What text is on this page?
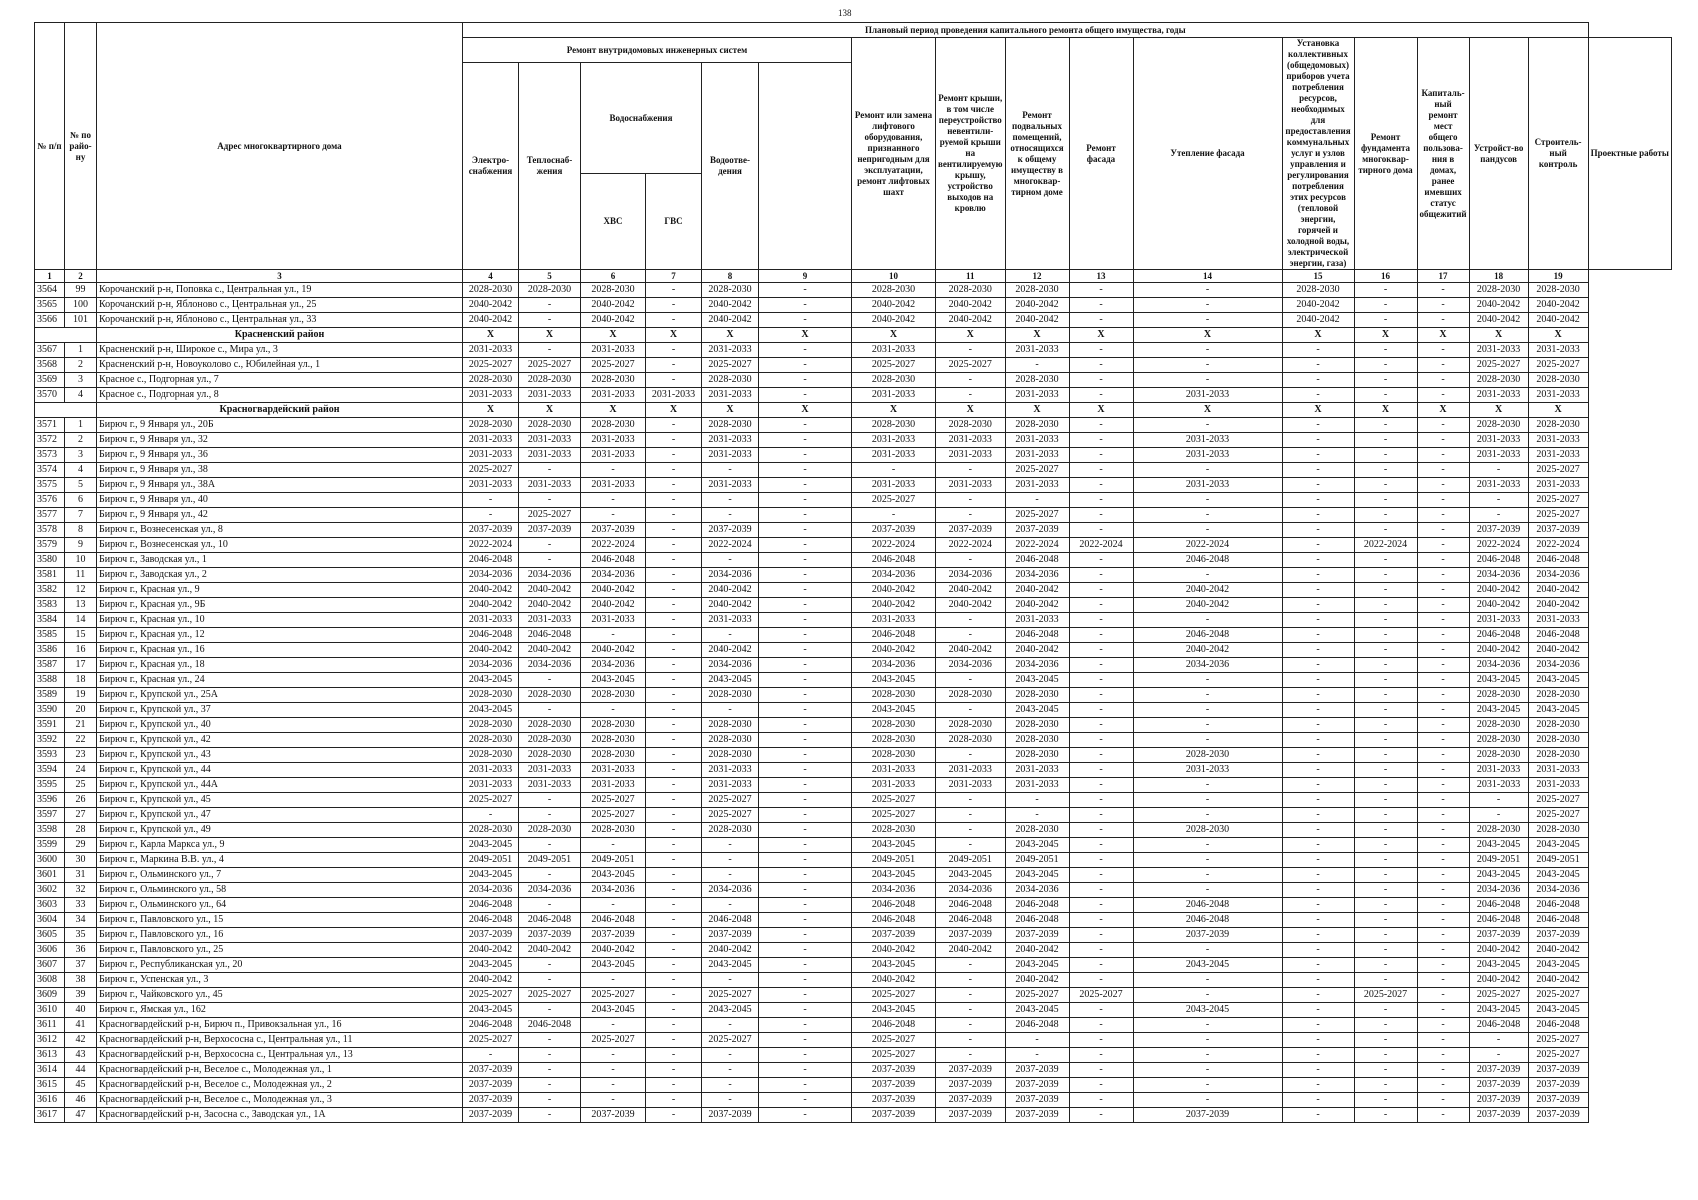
138
№ п/п	№ по райо-ну	Адрес многоквартирного дома	Плановый период проведения капитального ремонта общего имущества, годы																
			Ремонт внутридомовых инженерных систем						Ремонт или замена лифтового оборудования, признанного непригодным для эксплуатации, ремонт лифтовых шахт	Ремонт крыши, в том числе переустройство невентили-руемой крыши на вентилируемую крышу, устройство выходов на кровлю	Ремонт подвальных помещений, относящихся к общему имуществу в многоквар-тирном доме	Ремонт фасада	Утепление фасада	Установка коллективных (общедомовых) приборов учета потребления ресурсов, необходимых для предоставления коммунальных услуг и узлов управления и регулирования потребления этих ресурсов (тепловой энергии, горячей и холодной воды, электрической энергии, газа)	Ремонт фундамента многоквар-тирного дома	Капиталь-ный ремонт мест общего пользова-ния в домах, ранее имевших статус общежитий	Устройст-во пандусов	Строитель-ный контроль	Проектные работы
			Электро-снабжения	Теплоснаб-жения	Водоснабжения		Водоотве-дения												
					ХВС	ГВС													
1	2	3	4	5	6	7	8	9	10	11	12	13	14	15	16	17	18	19	
3564	99	Корочанский р-н, Поповка с., Центральная ул., 19	2028-2030	2028-2030	2028-2030	-	2028-2030	-	2028-2030	2028-2030	2028-2030	-	-	2028-2030	-	-	2028-2030	2028-2030	
3565	100	Корочанский р-н, Яблоново с., Центральная ул., 25	2040-2042	-	2040-2042	-	2040-2042	-	2040-2042	2040-2042	2040-2042	-	-	2040-2042	-	-	2040-2042	2040-2042	
3566	101	Корочанский р-н, Яблоново с., Центральная ул., 33	2040-2042	-	2040-2042	-	2040-2042	-	2040-2042	2040-2042	2040-2042	-	-	2040-2042	-	-	2040-2042	2040-2042	
		Красненский район	X	X	X	X	X	X	X	X	X	X	X	X	X	X	X	X	
3567	1	Красненский р-н, Широкое с., Мира ул., 3	2031-2033	-	2031-2033	-	2031-2033	-	2031-2033	-	2031-2033	-	-	-	-	-	2031-2033	2031-2033	
3568	2	Красненский р-н, Новоуколово с., Юбилейная ул., 1	2025-2027	2025-2027	2025-2027	-	2025-2027	-	2025-2027	2025-2027	-	-	-	-	-	-	2025-2027	2025-2027	
3569	3	Красное с., Подгорная ул., 7	2028-2030	2028-2030	2028-2030	-	2028-2030	-	2028-2030	-	2028-2030	-	-	-	-	-	2028-2030	2028-2030	
3570	4	Красное с., Подгорная ул., 8	2031-2033	2031-2033	2031-2033	2031-2033	2031-2033	-	2031-2033	-	2031-2033	-	2031-2033	-	-	-	2031-2033	2031-2033	
		Красногвардейский район	X	X	X	X	X	X	X	X	X	X	X	X	X	X	X	X	
3571	1	Бирюч г., 9 Января ул., 20Б	2028-2030	2028-2030	2028-2030	-	2028-2030	-	2028-2030	2028-2030	2028-2030	-	-	-	-	-	2028-2030	2028-2030	
3572	2	Бирюч г., 9 Января ул., 32	2031-2033	2031-2033	2031-2033	-	2031-2033	-	2031-2033	2031-2033	2031-2033	-	2031-2033	-	-	-	2031-2033	2031-2033	
3573	3	Бирюч г., 9 Января ул., 36	2031-2033	2031-2033	2031-2033	-	2031-2033	-	2031-2033	2031-2033	2031-2033	-	2031-2033	-	-	-	2031-2033	2031-2033	
3574	4	Бирюч г., 9 Января ул., 38	2025-2027	-	-	-	-	-	-	-	2025-2027	-	-	-	-	-	-	2025-2027	
3575	5	Бирюч г., 9 Января ул., 38А	2031-2033	2031-2033	2031-2033	-	2031-2033	-	2031-2033	2031-2033	2031-2033	-	2031-2033	-	-	-	2031-2033	2031-2033	
3576	6	Бирюч г., 9 Января ул., 40	-	-	-	-	-	-	2025-2027	-	-	-	-	-	-	-	-	2025-2027	
3577	7	Бирюч г., 9 Января ул., 42	-	2025-2027	-	-	-	-	-	-	2025-2027	-	-	-	-	-	-	2025-2027	
3578	8	Бирюч г., Вознесенская ул., 8	2037-2039	2037-2039	2037-2039	-	2037-2039	-	2037-2039	2037-2039	2037-2039	-	-	-	-	-	2037-2039	2037-2039	
3579	9	Бирюч г., Вознесенская ул., 10	2022-2024	-	2022-2024	-	2022-2024	-	2022-2024	2022-2024	2022-2024	2022-2024	2022-2024	-	2022-2024	-	2022-2024	2022-2024	
3580	10	Бирюч г., Заводская ул., 1	2046-2048	-	2046-2048	-	-	-	2046-2048	-	2046-2048	-	2046-2048	-	-	-	2046-2048	2046-2048	
3581	11	Бирюч г., Заводская ул., 2	2034-2036	2034-2036	2034-2036	-	2034-2036	-	2034-2036	2034-2036	2034-2036	-	-	-	-	-	2034-2036	2034-2036	
3582	12	Бирюч г., Красная ул., 9	2040-2042	2040-2042	2040-2042	-	2040-2042	-	2040-2042	2040-2042	2040-2042	-	2040-2042	-	-	-	2040-2042	2040-2042	
3583	13	Бирюч г., Красная ул., 9Б	2040-2042	2040-2042	2040-2042	-	2040-2042	-	2040-2042	2040-2042	2040-2042	-	2040-2042	-	-	-	2040-2042	2040-2042	
3584	14	Бирюч г., Красная ул., 10	2031-2033	2031-2033	2031-2033	-	2031-2033	-	2031-2033	-	2031-2033	-	-	-	-	-	2031-2033	2031-2033	
3585	15	Бирюч г., Красная ул., 12	2046-2048	2046-2048	-	-	-	-	2046-2048	-	2046-2048	-	2046-2048	-	-	-	2046-2048	2046-2048	
3586	16	Бирюч г., Красная ул., 16	2040-2042	2040-2042	2040-2042	-	2040-2042	-	2040-2042	2040-2042	2040-2042	-	2040-2042	-	-	-	2040-2042	2040-2042	
3587	17	Бирюч г., Красная ул., 18	2034-2036	2034-2036	2034-2036	-	2034-2036	-	2034-2036	2034-2036	2034-2036	-	2034-2036	-	-	-	2034-2036	2034-2036	
3588	18	Бирюч г., Красная ул., 24	2043-2045	-	2043-2045	-	2043-2045	-	2043-2045	-	2043-2045	-	-	-	-	-	2043-2045	2043-2045	
3589	19	Бирюч г., Крупской ул., 25А	2028-2030	2028-2030	2028-2030	-	2028-2030	-	2028-2030	2028-2030	2028-2030	-	-	-	-	-	2028-2030	2028-2030	
3590	20	Бирюч г., Крупской ул., 37	2043-2045	-	-	-	-	-	2043-2045	-	2043-2045	-	-	-	-	-	2043-2045	2043-2045	
3591	21	Бирюч г., Крупской ул., 40	2028-2030	2028-2030	2028-2030	-	2028-2030	-	2028-2030	2028-2030	2028-2030	-	-	-	-	-	2028-2030	2028-2030	
3592	22	Бирюч г., Крупской ул., 42	2028-2030	2028-2030	2028-2030	-	2028-2030	-	2028-2030	2028-2030	2028-2030	-	-	-	-	-	2028-2030	2028-2030	
3593	23	Бирюч г., Крупской ул., 43	2028-2030	2028-2030	2028-2030	-	2028-2030	-	2028-2030	-	2028-2030	-	2028-2030	-	-	-	2028-2030	2028-2030	
3594	24	Бирюч г., Крупской ул., 44	2031-2033	2031-2033	2031-2033	-	2031-2033	-	2031-2033	2031-2033	2031-2033	-	2031-2033	-	-	-	2031-2033	2031-2033	
3595	25	Бирюч г., Крупской ул., 44А	2031-2033	2031-2033	2031-2033	-	2031-2033	-	2031-2033	2031-2033	2031-2033	-	-	-	-	-	2031-2033	2031-2033	
3596	26	Бирюч г., Крупской ул., 45	2025-2027	-	2025-2027	-	2025-2027	-	2025-2027	-	-	-	-	-	-	-	-	2025-2027	
3597	27	Бирюч г., Крупской ул., 47	-	-	2025-2027	-	2025-2027	-	2025-2027	-	-	-	-	-	-	-	-	2025-2027	
3598	28	Бирюч г., Крупской ул., 49	2028-2030	2028-2030	2028-2030	-	2028-2030	-	2028-2030	-	2028-2030	-	2028-2030	-	-	-	2028-2030	2028-2030	
3599	29	Бирюч г., Карла Маркса ул., 9	2043-2045	-	-	-	-	-	2043-2045	-	2043-2045	-	-	-	-	-	2043-2045	2043-2045	
3600	30	Бирюч г., Маркина В.В. ул., 4	2049-2051	2049-2051	2049-2051	-	-	-	2049-2051	2049-2051	2049-2051	-	-	-	-	-	2049-2051	2049-2051	
3601	31	Бирюч г., Ольминского ул., 7	2043-2045	-	2043-2045	-	-	-	2043-2045	2043-2045	2043-2045	-	-	-	-	-	2043-2045	2043-2045	
3602	32	Бирюч г., Ольминского ул., 58	2034-2036	2034-2036	2034-2036	-	2034-2036	-	2034-2036	2034-2036	2034-2036	-	-	-	-	-	2034-2036	2034-2036	
3603	33	Бирюч г., Ольминского ул., 64	2046-2048	-	-	-	-	-	2046-2048	2046-2048	2046-2048	-	2046-2048	-	-	-	2046-2048	2046-2048	
3604	34	Бирюч г., Павловского ул., 15	2046-2048	2046-2048	2046-2048	-	2046-2048	-	2046-2048	2046-2048	2046-2048	-	2046-2048	-	-	-	2046-2048	2046-2048	
3605	35	Бирюч г., Павловского ул., 16	2037-2039	2037-2039	2037-2039	-	2037-2039	-	2037-2039	2037-2039	2037-2039	-	2037-2039	-	-	-	2037-2039	2037-2039	
3606	36	Бирюч г., Павловского ул., 25	2040-2042	2040-2042	2040-2042	-	2040-2042	-	2040-2042	2040-2042	2040-2042	-	-	-	-	-	2040-2042	2040-2042	
3607	37	Бирюч г., Республиканская ул., 20	2043-2045	-	2043-2045	-	2043-2045	-	2043-2045	-	2043-2045	-	2043-2045	-	-	-	2043-2045	2043-2045	
3608	38	Бирюч г., Успенская ул., 3	2040-2042	-	-	-	-	-	2040-2042	-	2040-2042	-	-	-	-	-	2040-2042	2040-2042	
3609	39	Бирюч г., Чайковского ул., 45	2025-2027	2025-2027	2025-2027	-	2025-2027	-	2025-2027	-	2025-2027	2025-2027	-	-	2025-2027	-	2025-2027	2025-2027	
3610	40	Бирюч г., Ямская ул., 162	2043-2045	-	2043-2045	-	2043-2045	-	2043-2045	-	2043-2045	-	2043-2045	-	-	-	2043-2045	2043-2045	
3611	41	Красногвардейский р-н, Бирюч п., Привокзальная ул., 16	2046-2048	2046-2048	-	-	-	-	2046-2048	-	2046-2048	-	-	-	-	-	2046-2048	2046-2048	
3612	42	Красногвардейский р-н, Верхососна с., Центральная ул., 11	2025-2027	-	2025-2027	-	2025-2027	-	2025-2027	-	-	-	-	-	-	-	-	2025-2027	
3613	43	Красногвардейский р-н, Верхососна с., Центральная ул., 13	-	-	-	-	-	-	2025-2027	-	-	-	-	-	-	-	-	2025-2027	
3614	44	Красногвардейский р-н, Веселое с., Молодежная ул., 1	2037-2039	-	-	-	-	-	2037-2039	2037-2039	2037-2039	-	-	-	-	-	2037-2039	2037-2039	
3615	45	Красногвардейский р-н, Веселое с., Молодежная ул., 2	2037-2039	-	-	-	-	-	2037-2039	2037-2039	2037-2039	-	-	-	-	-	2037-2039	2037-2039	
3616	46	Красногвардейский р-н, Веселое с., Молодежная ул., 3	2037-2039	-	-	-	-	-	2037-2039	2037-2039	2037-2039	-	-	-	-	-	2037-2039	2037-2039	
3617	47	Красногвардейский р-н, Засосна с., Заводская ул., 1А	2037-2039	-	2037-2039	-	2037-2039	-	2037-2039	2037-2039	2037-2039	-	2037-2039	-	-	-	2037-2039	2037-2039	
